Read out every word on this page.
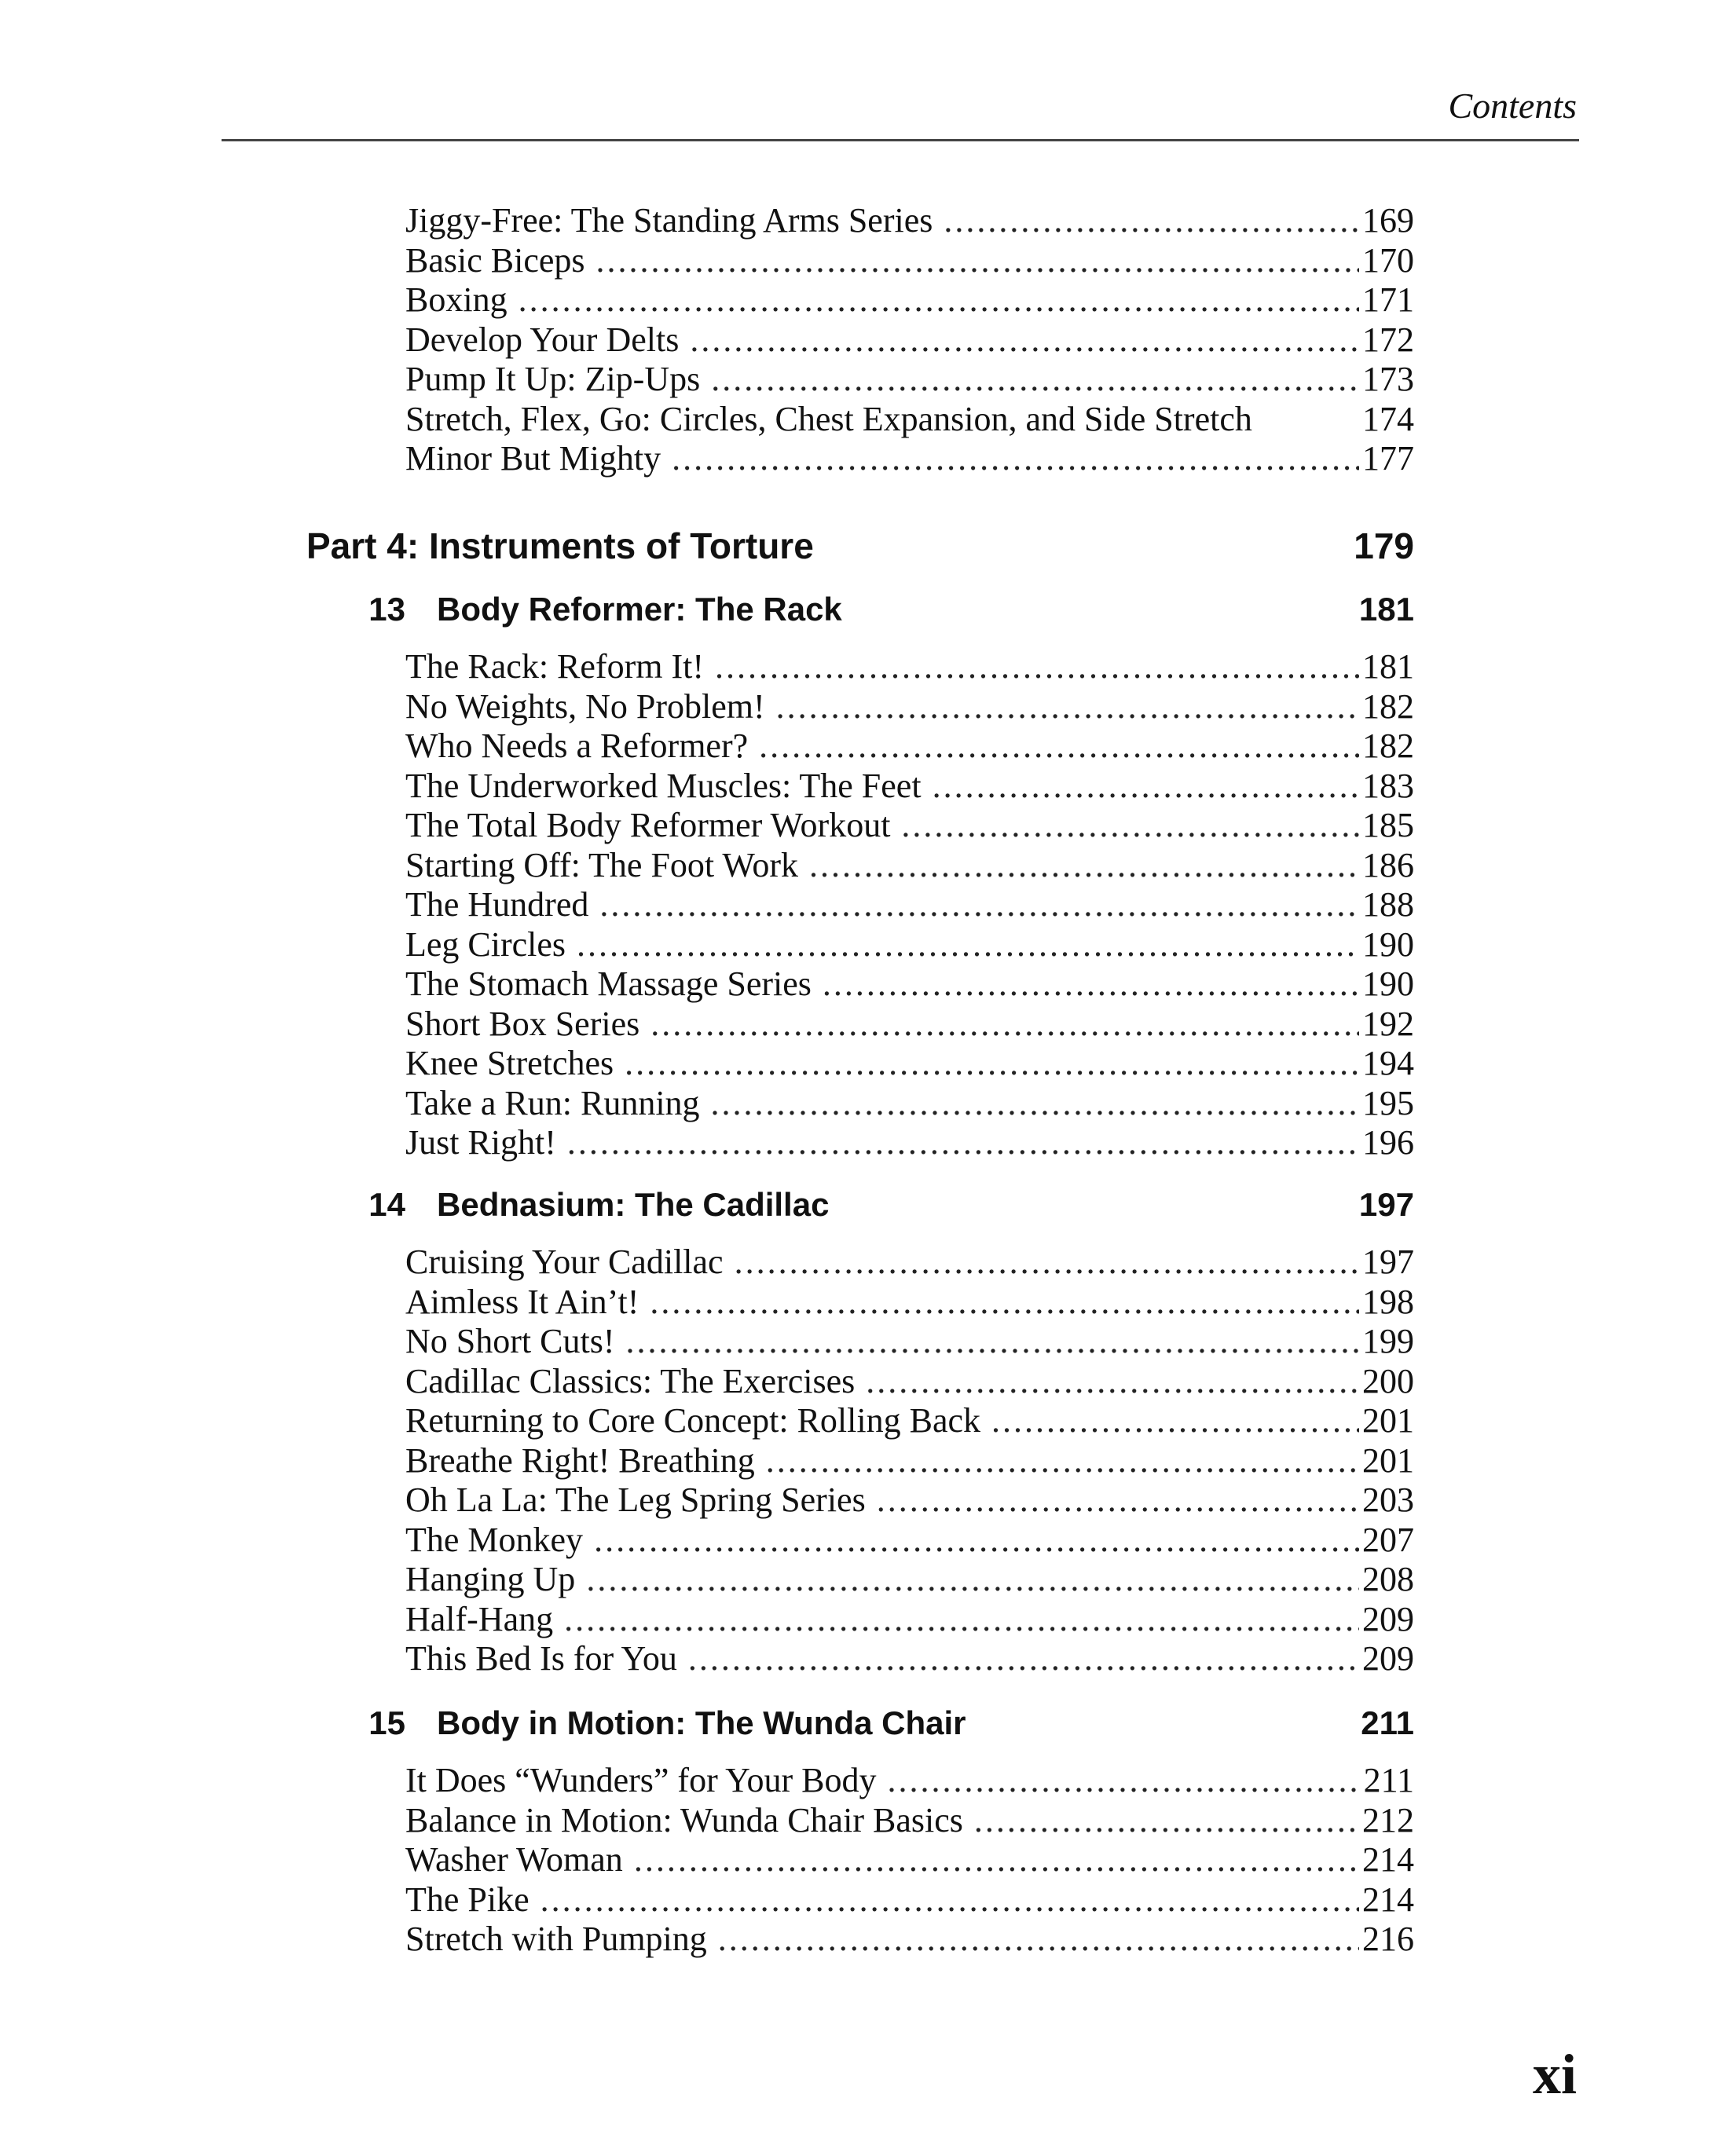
Contents
Jiggy-Free: The Standing Arms Series .....	169
Basic Biceps .....	170
Boxing .....	171
Develop Your Delts .....	172
Pump It Up: Zip-Ups .....	173
Stretch, Flex, Go: Circles, Chest Expansion, and Side Stretch	174
Minor But Mighty .....	177
Part 4: Instruments of Torture	179
13 Body Reformer: The Rack	181
The Rack: Reform It! .....	181
No Weights, No Problem! .....	182
Who Needs a Reformer? .....	182
The Underworked Muscles: The Feet .....	183
The Total Body Reformer Workout .....	185
Starting Off: The Foot Work .....	186
The Hundred .....	188
Leg Circles .....	190
The Stomach Massage Series .....	190
Short Box Series .....	192
Knee Stretches .....	194
Take a Run: Running .....	195
Just Right! .....	196
14 Bednasium: The Cadillac	197
Cruising Your Cadillac .....	197
Aimless It Ain’t! .....	198
No Short Cuts! .....	199
Cadillac Classics: The Exercises .....	200
Returning to Core Concept: Rolling Back .....	201
Breathe Right! Breathing .....	201
Oh La La: The Leg Spring Series .....	203
The Monkey .....	207
Hanging Up .....	208
Half-Hang .....	209
This Bed Is for You .....	209
15 Body in Motion: The Wunda Chair	211
It Does “Wunders” for Your Body .....	211
Balance in Motion: Wunda Chair Basics .....	212
Washer Woman .....	214
The Pike .....	214
Stretch with Pumping .....	216
xi
